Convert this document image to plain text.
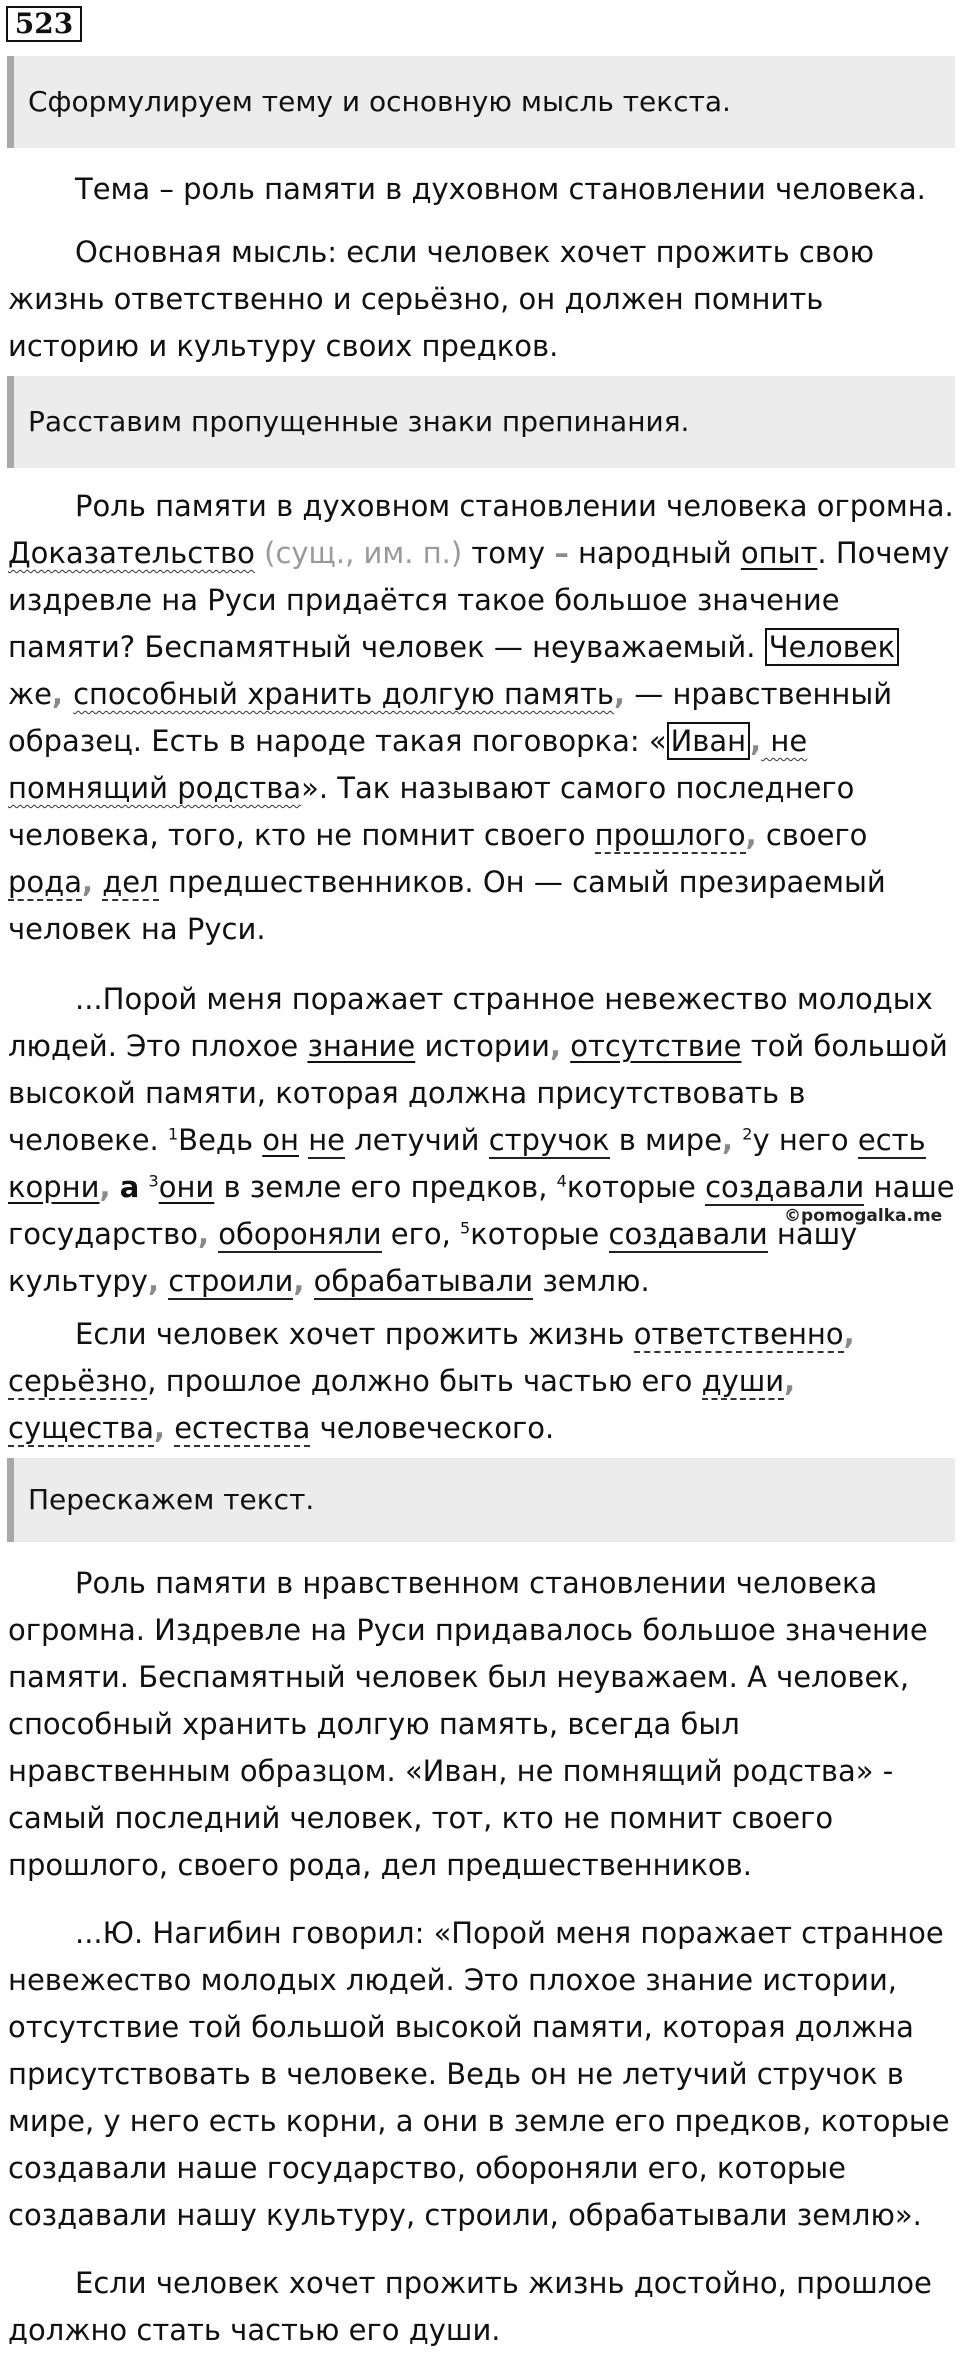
523
Сформулируем тему и основную мысль текста.

Тема – роль памяти в духовном становлении человека.

Основная мысль: если человек хочет прожить свою жизнь ответственно и серьёзно, он должен помнить историю и культуру своих предков.

Расставим пропущенные знаки препинания.

Роль памяти в духовном становлении человека огромна. Доказательство (сущ., им. п.) тому – народный опыт. Почему издревле на Руси придаётся такое большое значение памяти? Беспамятный человек — неуважаемый. Человек же, способный хранить долгую память, — нравственный образец. Есть в народе такая поговорка: « Иван , не помнящий родства». Так называют самого последнего человека, того, кто не помнит своего прошлого, своего рода, дел предшественников. Он — самый презираемый человек на Руси.

...Порой меня поражает странное невежество молодых людей. Это плохое знание истории, отсутствие той большой высокой памяти, которая должна присутствовать в человеке. $^1$Ведь он не летучий стручок в мире, $^2$у него есть корни, а $^3$они в земле его предков, $^4$которые создавали наше государство, обороняли его, $^5$которые создавали нашу культуру, строили, обрабатывали землю.

©pomogalka.me

Если человек хочет прожить жизнь ответственно, серьёзно, прошлое должно быть частью его души, существа, естества человеческого.

Перескажем текст.

Роль памяти в нравственном становлении человека огромна. Издревле на Руси придавалось большое значение памяти. Беспамятный человек был неуважаем. А человек, способный хранить долгую память, всегда был нравственным образцом. «Иван, не помнящий родства» - самый последний человек, тот, кто не помнит своего прошлого, своего рода, дел предшественников.

...Ю. Нагибин говорил: «Порой меня поражает странное невежество молодых людей. Это плохое знание истории, отсутствие той большой высокой памяти, которая должна присутствовать в человеке. Ведь он не летучий стручок в мире, у него есть корни, а они в земле его предков, которые создавали наше государство, обороняли его, которые создавали нашу культуру, строили, обрабатывали землю».

Если человек хочет прожить жизнь достойно, прошлое должно стать частью его души.
